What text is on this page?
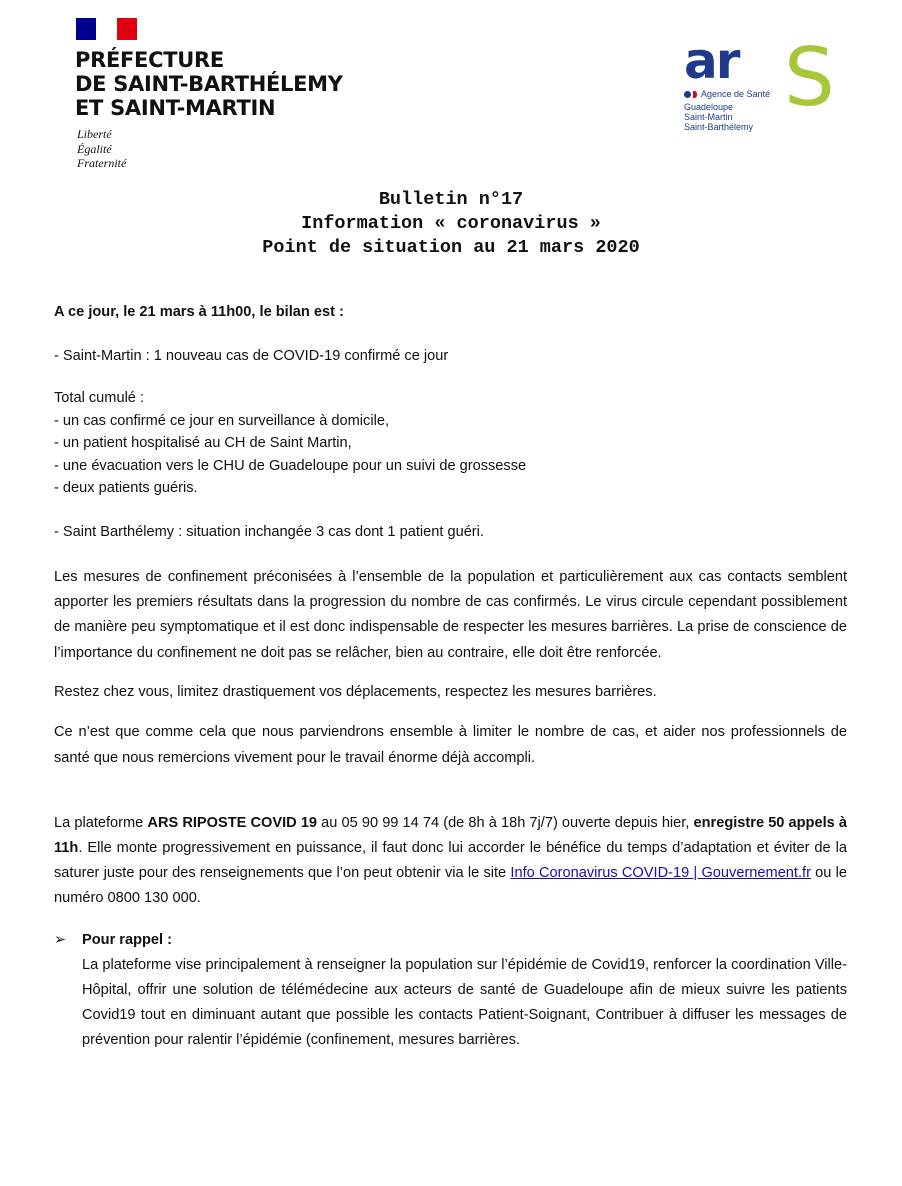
PRÉFECTURE
DE SAINT-BARTHÉLEMY
ET SAINT-MARTIN
Liberté
Égalité
Fraternité
ar S
Agence de Santé
Guadeloupe
Saint-Martin
Saint-Barthélemy
Bulletin n°17
Information « coronavirus »
Point de situation au 21 mars 2020

A ce jour, le 21 mars à 11h00, le bilan est :

- Saint-Martin : 1 nouveau cas de COVID-19 confirmé ce jour

Total cumulé :
- un cas confirmé ce jour en surveillance à domicile,
- un patient hospitalisé au CH de Saint Martin,
- une évacuation vers le CHU de Guadeloupe pour un suivi de grossesse
- deux patients guéris.

- Saint Barthélemy : situation inchangée 3 cas dont 1 patient guéri.

Les mesures de confinement préconisées à l’ensemble de la population et particulièrement aux cas contacts semblent apporter les premiers résultats dans la progression du nombre de cas confirmés. Le virus circule cependant possiblement de manière peu symptomatique et il est donc indispensable de respecter les mesures barrières. La prise de conscience de l’importance du confinement ne doit pas se relâcher, bien au contraire, elle doit être renforcée.

Restez chez vous, limitez drastiquement vos déplacements, respectez les mesures barrières.

Ce n’est que comme cela que nous parviendrons ensemble à limiter le nombre de cas, et aider nos professionnels de santé que nous remercions vivement pour le travail énorme déjà accompli.

La plateforme ARS RIPOSTE COVID 19 au 05 90 99 14 74 (de 8h à 18h 7j/7) ouverte depuis hier, enregistre 50 appels à 11h. Elle monte progressivement en puissance, il faut donc lui accorder le bénéfice du temps d’adaptation et éviter de la saturer juste pour des renseignements que l’on peut obtenir via le site Info Coronavirus COVID-19 | Gouvernement.fr ou le numéro 0800 130 000.

➢ Pour rappel :
La plateforme vise principalement à renseigner la population sur l’épidémie de Covid19, renforcer la coordination Ville-Hôpital, offrir une solution de télémédecine aux acteurs de santé de Guadeloupe afin de mieux suivre les patients Covid19 tout en diminuant autant que possible les contacts Patient-Soignant, Contribuer à diffuser les messages de prévention pour ralentir l’épidémie (confinement, mesures barrières.
